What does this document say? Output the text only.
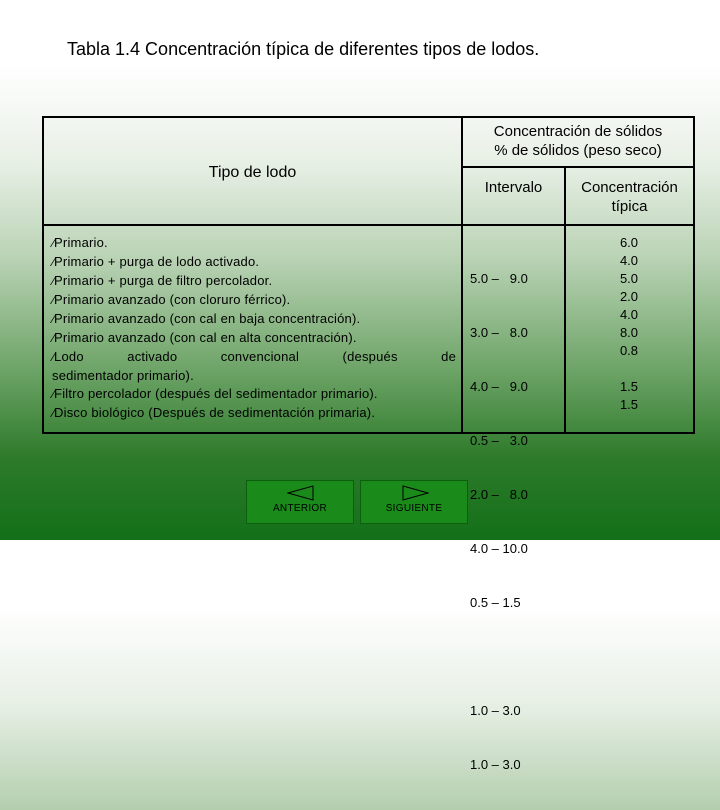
Tabla 1.4 Concentración típica de diferentes tipos de lodos.
Tipo de lodo
Concentración de sólidos
% de sólidos (peso seco)
Intervalo	Concentración
típica
⁄Primario.
⁄Primario + purga de lodo activado.
⁄Primario + purga de filtro percolador.
⁄Primario avanzado (con cloruro férrico).
⁄Primario avanzado (con cal en baja concentración).
⁄Primario avanzado (con cal en alta concentración).
⁄Lodo activado convencional (después de
sedimentador primario).
⁄Filtro percolador (después del sedimentador primario).
⁄Disco biológico (Después de sedimentación primaria).

5.0 –   9.0

3.0 –   8.0

4.0 –   9.0

0.5 –   3.0

2.0 –   8.0

4.0 – 10.0

0.5 – 1.5

1.0 – 3.0

1.0 – 3.0

6.0
4.0
5.0
2.0
4.0
8.0
0.8
1.5
1.5
ANTERIOR	SIGUIENTE
